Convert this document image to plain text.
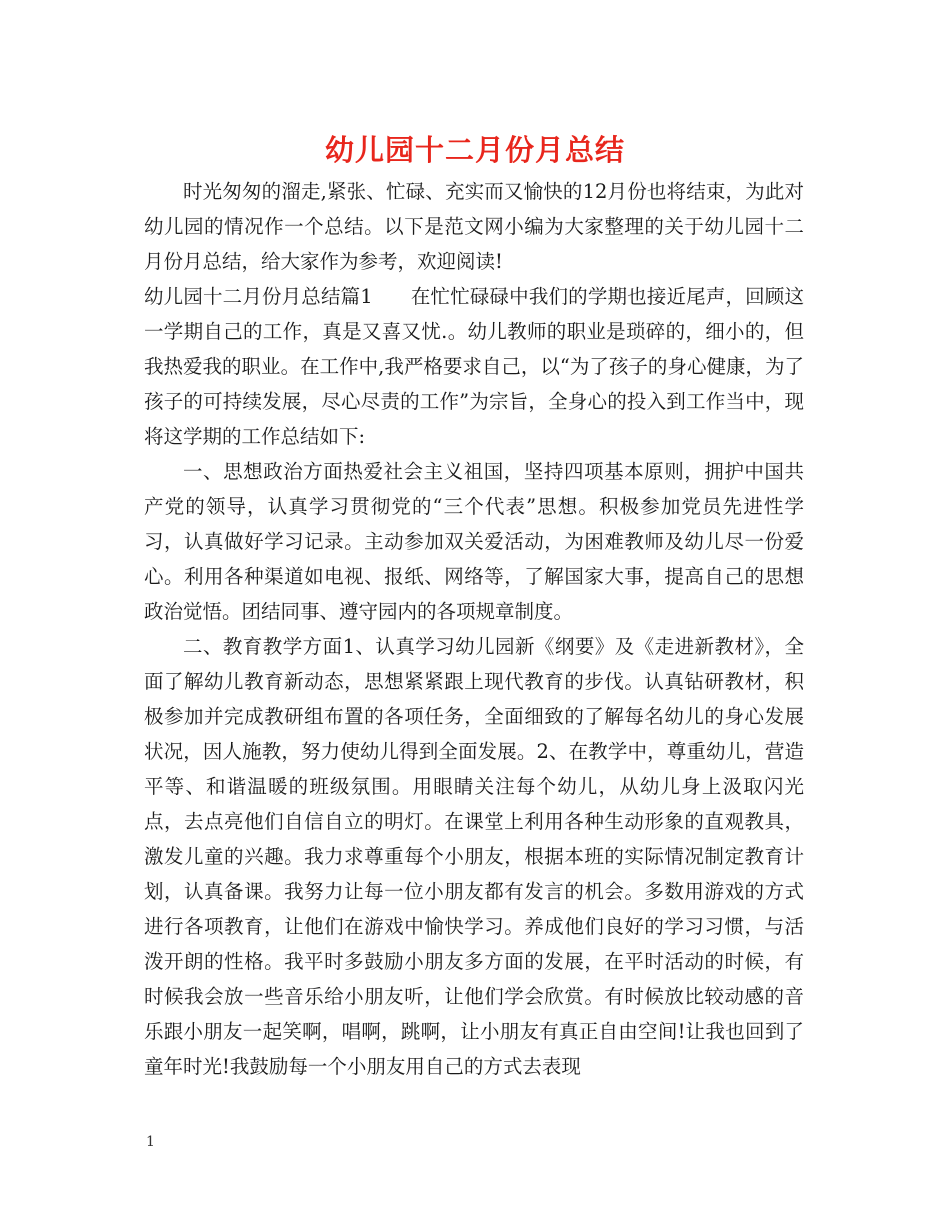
幼儿园十二月份月总结

时光匆匆的溜走,紧张、忙碌、充实而又愉快的12月份也将结束，为此对幼儿园的情况作一个总结。以下是范文网小编为大家整理的关于幼儿园十二月份月总结，给大家作为参考，欢迎阅读!

幼儿园十二月份月总结篇1 在忙忙碌碌中我们的学期也接近尾声，回顾这一学期自己的工作，真是又喜又忧.。幼儿教师的职业是琐碎的，细小的，但我热爱我的职业。在工作中,我严格要求自己，以“为了孩子的身心健康，为了孩子的可持续发展，尽心尽责的工作”为宗旨，全身心的投入到工作当中，现将这学期的工作总结如下:

一、思想政治方面热爱社会主义祖国，坚持四项基本原则，拥护中国共产党的领导，认真学习贯彻党的“三个代表”思想。积极参加党员先进性学习，认真做好学习记录。主动参加双关爱活动，为困难教师及幼儿尽一份爱心。利用各种渠道如电视、报纸、网络等，了解国家大事，提高自己的思想政治觉悟。团结同事、遵守园内的各项规章制度。

二、教育教学方面1、认真学习幼儿园新《纲要》及《走进新教材》，全面了解幼儿教育新动态，思想紧紧跟上现代教育的步伐。认真钻研教材，积极参加并完成教研组布置的各项任务，全面细致的了解每名幼儿的身心发展状况，因人施教，努力使幼儿得到全面发展。2、在教学中，尊重幼儿，营造平等、和谐温暖的班级氛围。用眼睛关注每个幼儿，从幼儿身上汲取闪光点，去点亮他们自信自立的明灯。在课堂上利用各种生动形象的直观教具，激发儿童的兴趣。我力求尊重每个小朋友，根据本班的实际情况制定教育计划，认真备课。我努力让每一位小朋友都有发言的机会。多数用游戏的方式进行各项教育，让他们在游戏中愉快学习。养成他们良好的学习习惯，与活泼开朗的性格。我平时多鼓励小朋友多方面的发展，在平时活动的时候，有时候我会放一些音乐给小朋友听，让他们学会欣赏。有时候放比较动感的音乐跟小朋友一起笑啊，唱啊，跳啊，让小朋友有真正自由空间!让我也回到了童年时光!我鼓励每一个小朋友用自己的方式去表现

1
